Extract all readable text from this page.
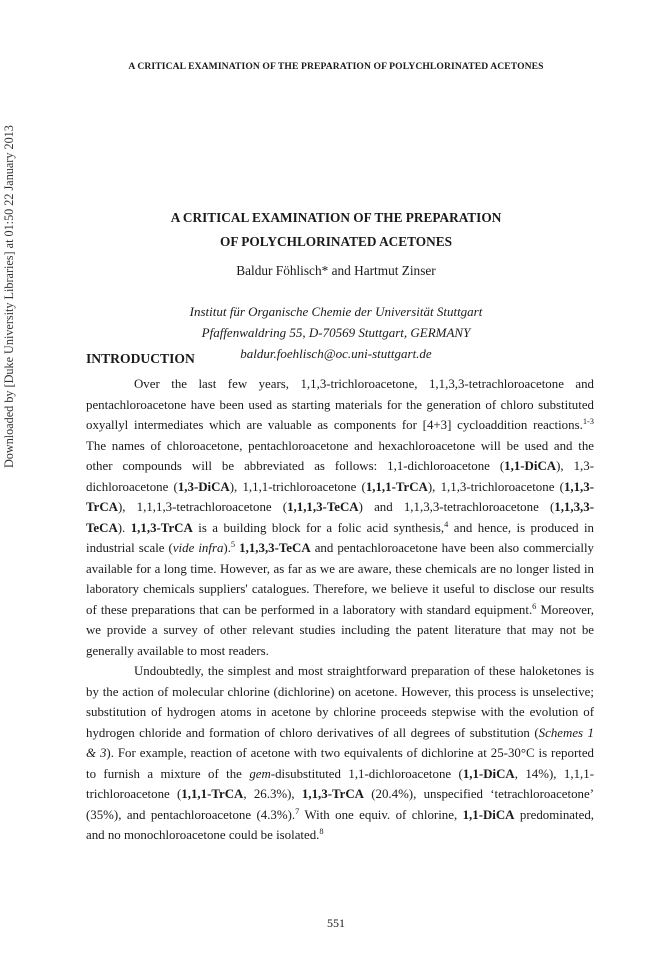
A CRITICAL EXAMINATION OF THE PREPARATION OF POLYCHLORINATED ACETONES
Downloaded by [Duke University Libraries] at 01:50 22 January 2013	A CRITICAL EXAMINATION OF THE PREPARATION
OF POLYCHLORINATED ACETONES
Baldur Föhlisch* and Hartmut Zinser
Institut für Organische Chemie der Universität Stuttgart
Pfaffenwaldring 55, D-70569 Stuttgart, GERMANY
baldur.foehlisch@oc.uni-stuttgart.de
INTRODUCTION
Over the last few years, 1,1,3-trichloroacetone, 1,1,3,3-tetrachloroacetone and
pentachloroacetone have been used as starting materials for the generation of chloro substituted
oxyallyl intermediates which are valuable as components for [4+3] cycloaddition reactions.$^{1-3}$
The names of chloroacetone, pentachloroacetone and hexachloroacetone will be used and the
other compounds will be abbreviated as follows: 1,1-dichloroacetone (1,1-DiCA), 1,3-
dichloroacetone (1,3-DiCA), 1,1,1-trichloroacetone (1,1,1-TrCA), 1,1,3-trichloroacetone (1,1,3-
TrCA), 1,1,1,3-tetrachloroacetone (1,1,1,3-TeCA) and 1,1,3,3-tetrachloroacetone (1,1,3,3-
TeCA). 1,1,3-TrCA is a building block for a folic acid synthesis,$^4$ and hence, is produced in
industrial scale (vide infra).$^5$ 1,1,3,3-TeCA and pentachloroacetone have been also commercially
available for a long time. However, as far as we are aware, these chemicals are no longer listed in
laboratory chemicals suppliers' catalogues. Therefore, we believe it useful to disclose our results
of these preparations that can be performed in a laboratory with standard equipment.$^6$ Moreover,
we provide a survey of other relevant studies including the patent literature that may not be
generally available to most readers.
Undoubtedly, the simplest and most straightforward preparation of these haloketones is
by the action of molecular chlorine (dichlorine) on acetone. However, this process is unselective;
substitution of hydrogen atoms in acetone by chlorine proceeds stepwise with the evolution of
hydrogen chloride and formation of chloro derivatives of all degrees of substitution (Schemes 1
& 3). For example, reaction of acetone with two equivalents of dichlorine at 25-30°C is reported
to furnish a mixture of the gem-disubstituted 1,1-dichloroacetone (1,1-DiCA, 14%), 1,1,1-
trichloroacetone (1,1,1-TrCA, 26.3%), 1,1,3-TrCA (20.4%), unspecified ‘tetrachloroacetone’
(35%), and pentachloroacetone (4.3%).$^7$ With one equiv. of chlorine, 1,1-DiCA predominated,
and no monochloroacetone could be isolated.$^8$
551
